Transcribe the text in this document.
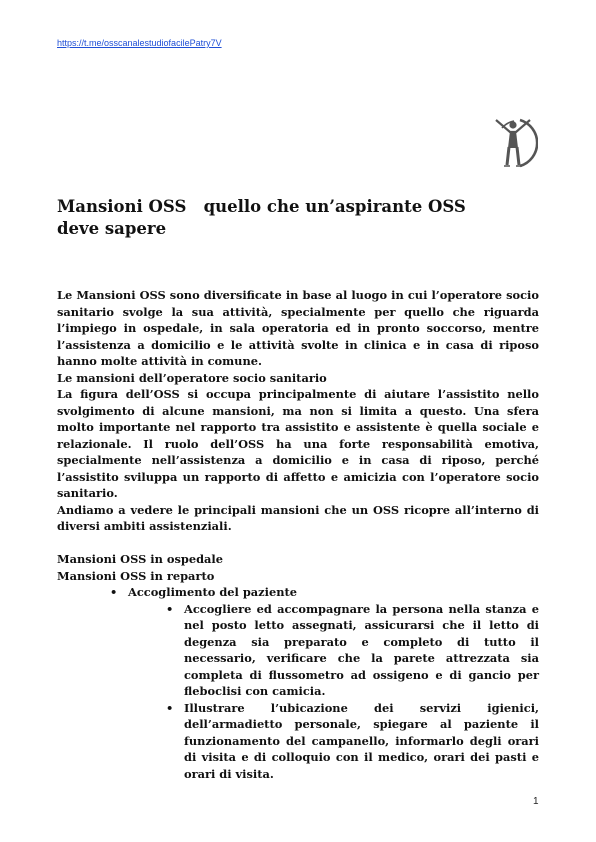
https://t.me/osscanalestudiofacilePatry7V
Mansioni OSS quello che un’aspirante OSS deve sapere

Le Mansioni OSS sono diversificate in base al luogo in cui l’operatore socio sanitario svolge la sua attività, specialmente per quello che riguarda l’impiego in ospedale, in sala operatoria ed in pronto soccorso, mentre l’assistenza a domicilio e le attività svolte in clinica e in casa di riposo hanno molte attività in comune.

Le mansioni dell’operatore socio sanitario

La figura dell’OSS si occupa principalmente di aiutare l’assistito nello svolgimento di alcune mansioni, ma non si limita a questo. Una sfera molto importante nel rapporto tra assistito e assistente è quella sociale e relazionale. Il ruolo dell’OSS ha una forte responsabilità emotiva, specialmente nell’assistenza a domicilio e in casa di riposo, perché l’assistito sviluppa un rapporto di affetto e amicizia con l’operatore socio sanitario.

Andiamo a vedere le principali mansioni che un OSS ricopre all’interno di diversi ambiti assistenziali.

Mansioni OSS in ospedale

Mansioni OSS in reparto

• Accoglimento del paziente
• Accogliere ed accompagnare la persona nella stanza e nel posto letto assegnati, assicurarsi che il letto di degenza sia preparato e completo di tutto il necessario, verificare che la parete attrezzata sia completa di flussometro ad ossigeno e di gancio per fleboclisi con camicia.
• Illustrare l’ubicazione dei servizi igienici, dell’armadietto personale, spiegare al paziente il funzionamento del campanello, informarlo degli orari di visita e di colloquio con il medico, orari dei pasti e orari di visita.
1
